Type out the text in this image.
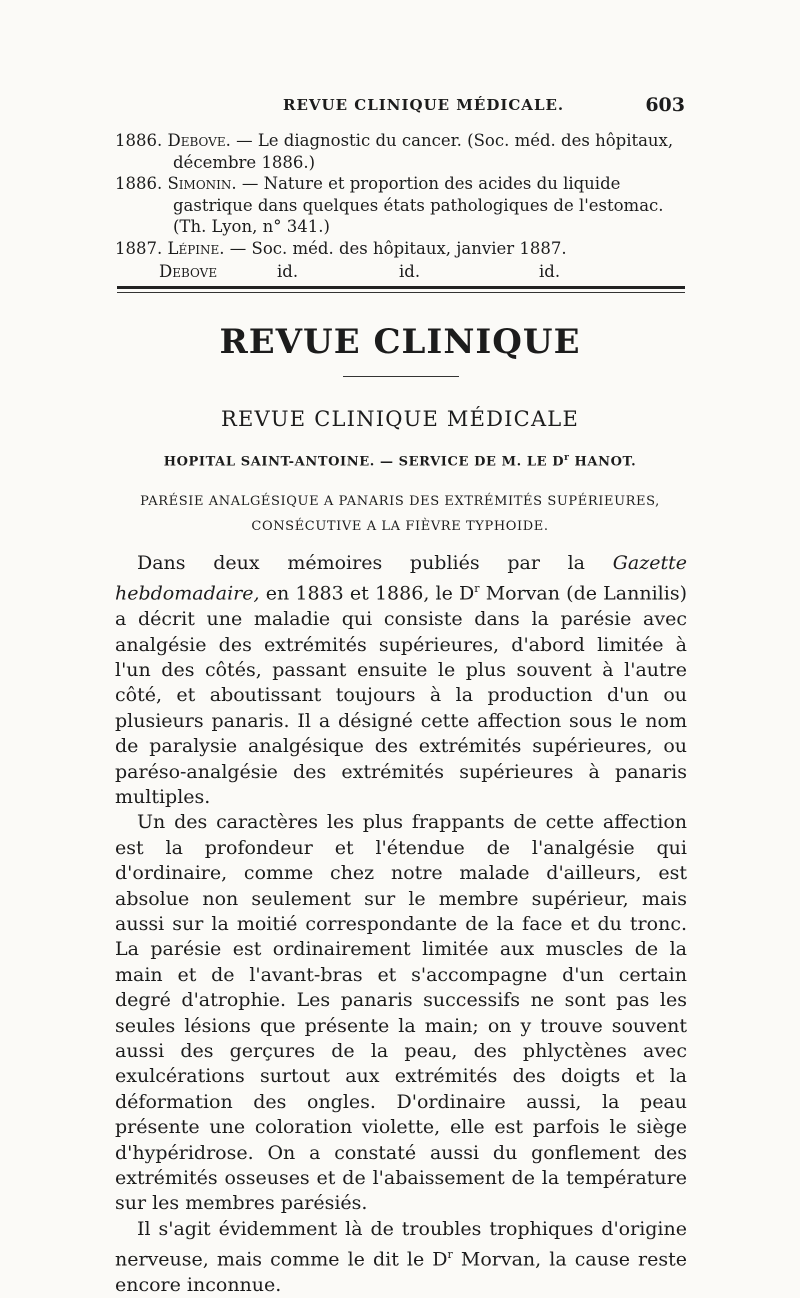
REVUE CLINIQUE MÉDICALE.	603

1886. Debove. — Le diagnostic du cancer. (Soc. méd. des hôpitaux, décembre 1886.)

1886. Simonin. — Nature et proportion des acides du liquide gastrique dans quelques états pathologiques de l'estomac. (Th. Lyon, n° 341.)

1887. Lépine. — Soc. méd. des hôpitaux, janvier 1887.

Debove	id.	id.	id.

REVUE CLINIQUE
REVUE CLINIQUE MÉDICALE
HOPITAL SAINT-ANTOINE. — SERVICE DE M. LE $D^r$ HANOT.
PARÉSIE ANALGÉSIQUE A PANARIS DES EXTRÉMITÉS SUPÉRIEURES, CONSÉCUTIVE A LA FIÈVRE TYPHOIDE.

Dans deux mémoires publiés par la Gazette hebdomadaire, en 1883 et 1886, le $D^r$ Morvan (de Lannilis) a décrit une maladie qui consiste dans la parésie avec analgésie des extrémités supérieures, d'abord limitée à l'un des côtés, passant ensuite le plus souvent à l'autre côté, et aboutissant toujours à la production d'un ou plusieurs panaris. Il a désigné cette affection sous le nom de paralysie analgésique des extrémités supérieures, ou paréso-analgésie des extrémités supérieures à panaris multiples.

Un des caractères les plus frappants de cette affection est la profondeur et l'étendue de l'analgésie qui d'ordinaire, comme chez notre malade d'ailleurs, est absolue non seulement sur le membre supérieur, mais aussi sur la moitié correspondante de la face et du tronc. La parésie est ordinairement limitée aux muscles de la main et de l'avant-bras et s'accompagne d'un certain degré d'atrophie. Les panaris successifs ne sont pas les seules lésions que présente la main; on y trouve souvent aussi des gerçures de la peau, des phlyctènes avec exulcérations surtout aux extrémités des doigts et la déformation des ongles. D'ordinaire aussi, la peau présente une coloration violette, elle est parfois le siège d'hypéridrose. On a constaté aussi du gonflement des extrémités osseuses et de l'abaissement de la température sur les membres parésiés.

Il s'agit évidemment là de troubles trophiques d'origine nerveuse, mais comme le dit le $D^r$ Morvan, la cause reste encore inconnue.
